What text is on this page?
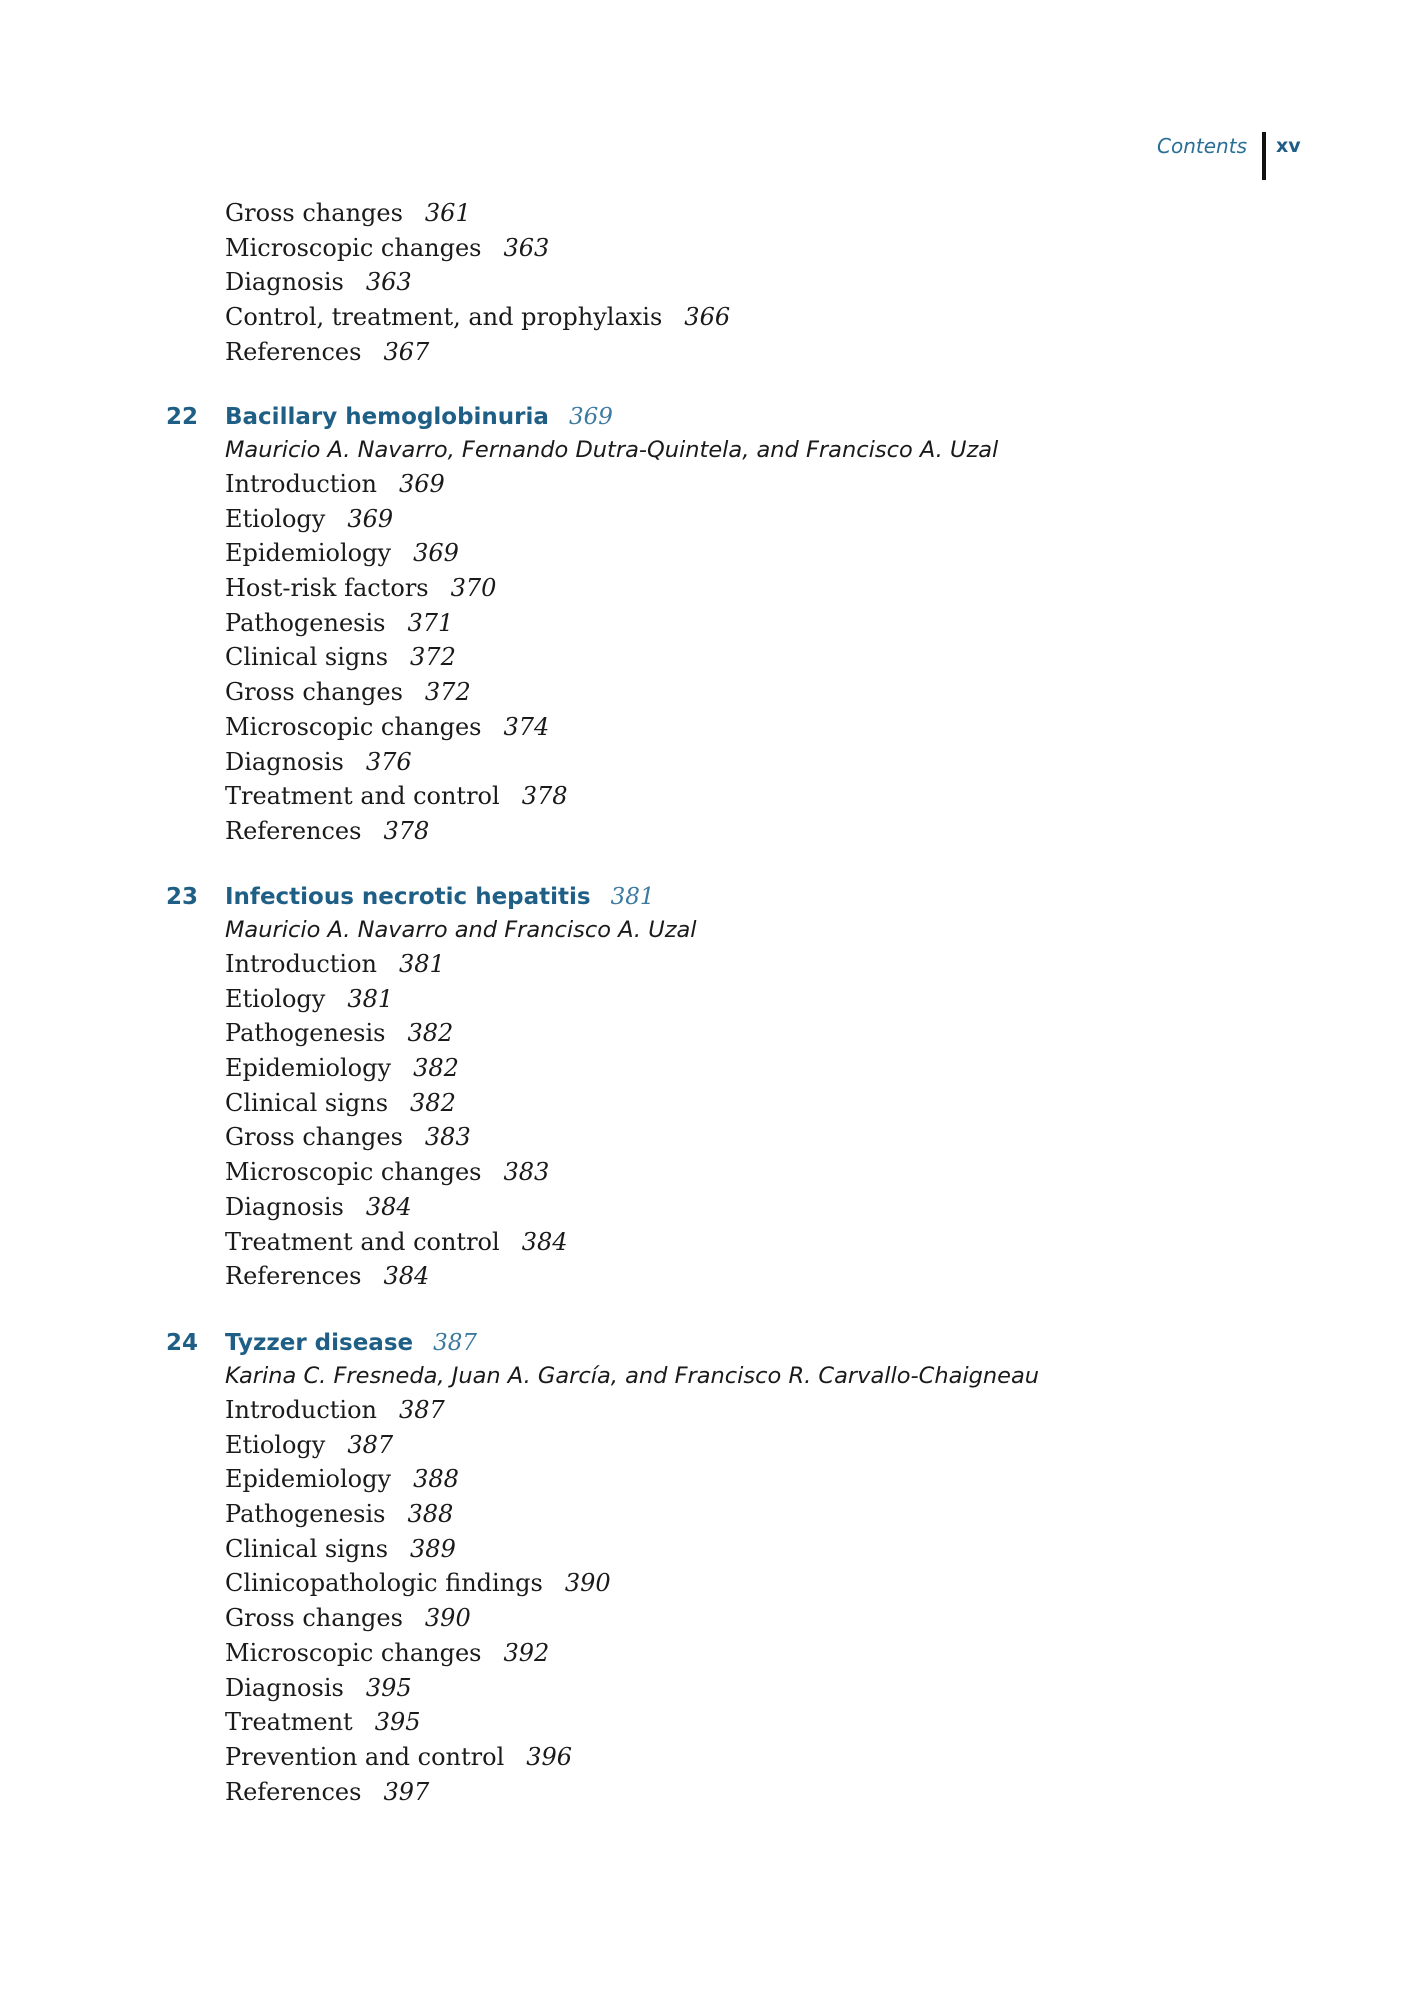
Contents xv
Gross changes 361
Microscopic changes 363
Diagnosis 363
Control, treatment, and prophylaxis 366
References 367
22 Bacillary hemoglobinuria 369
Mauricio A. Navarro, Fernando Dutra-Quintela, and Francisco A. Uzal
Introduction 369
Etiology 369
Epidemiology 369
Host-risk factors 370
Pathogenesis 371
Clinical signs 372
Gross changes 372
Microscopic changes 374
Diagnosis 376
Treatment and control 378
References 378
23 Infectious necrotic hepatitis 381
Mauricio A. Navarro and Francisco A. Uzal
Introduction 381
Etiology 381
Pathogenesis 382
Epidemiology 382
Clinical signs 382
Gross changes 383
Microscopic changes 383
Diagnosis 384
Treatment and control 384
References 384
24 Tyzzer disease 387
Karina C. Fresneda, Juan A. García, and Francisco R. Carvallo-Chaigneau
Introduction 387
Etiology 387
Epidemiology 388
Pathogenesis 388
Clinical signs 389
Clinicopathologic findings 390
Gross changes 390
Microscopic changes 392
Diagnosis 395
Treatment 395
Prevention and control 396
References 397
